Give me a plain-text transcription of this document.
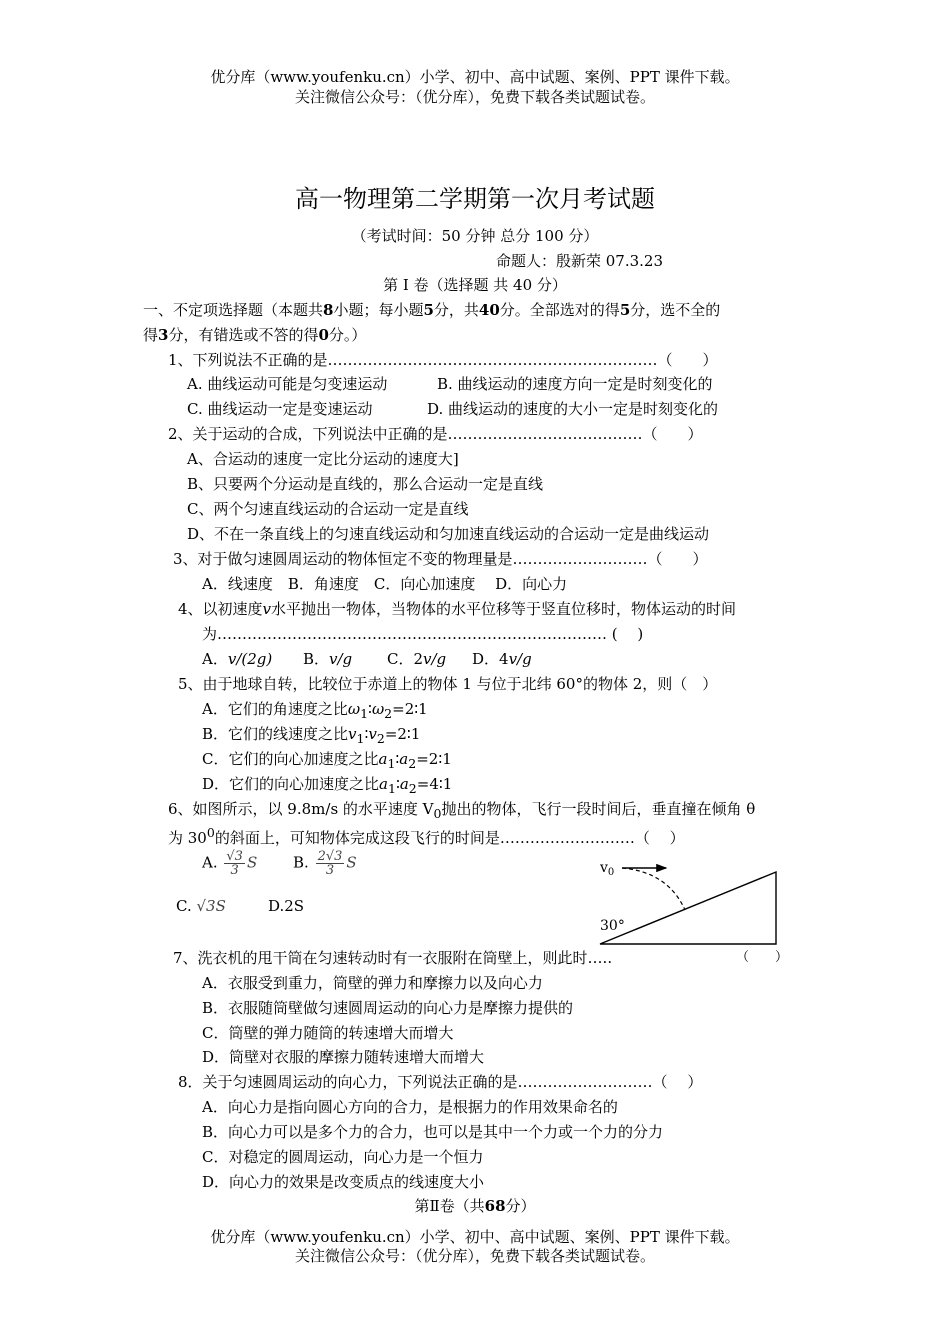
优分库（www.youfenku.cn）小学、初中、高中试题、案例、PPT 课件下载。
关注微信公众号：（优分库），免费下载各类试题试卷。
高一物理第二学期第一次月考试题
（考试时间：50 分钟 总分 100 分）
命题人：殷新荣 07.3.23
第 I 卷（选择题 共 40 分）
一、不定项选择题（本题共8小题；每小题5分，共40分。全部选对的得5分，选不全的
得3分，有错选或不答的得0分。）
1、下列说法不正确的是…………………………………………………………（　　）
A. 曲线运动可能是匀变速运动	B. 曲线运动的速度方向一定是时刻变化的
C. 曲线运动一定是变速运动	D. 曲线运动的速度的大小一定是时刻变化的
2、关于运动的合成，下列说法中正确的是…………………………………（　　）
A、合运动的速度一定比分运动的速度大]
B、只要两个分运动是直线的，那么合运动一定是直线
C、两个匀速直线运动的合运动一定是直线
D、不在一条直线上的匀速直线运动和匀加速直线运动的合运动一定是曲线运动
3、对于做匀速圆周运动的物体恒定不变的物理量是………………………（　　）
A．线速度　B．角速度　C．向心加速度　 D．向心力
4、以初速度v水平抛出一物体，当物体的水平位移等于竖直位移时，物体运动的时间
为…………………………………………………………………… (　 )
A．v/(2g) B．v/g C．2v/g D．4v/g
5、由于地球自转，比较位于赤道上的物体 1 与位于北纬 60°的物体 2，则（　）
A．它们的角速度之比$\omega_1∶\omega_2=2∶1$
B．它们的线速度之比$v_1∶v_2=2∶1$
C．它们的向心加速度之比$a_1∶a_2=2∶1$
D．它们的向心加速度之比$a_1∶a_2=4∶1$
6、如图所示，以 9.8m/s 的水平速度 $V_0$抛出的物体，飞行一段时间后，垂直撞在倾角 θ
为 $30^0$的斜面上，可知物体完成这段飞行的时间是………………………（　 ）
A. $\frac{√3}{3}$ S B. $\frac{2√3}{3}$ S
C. √3S	D.2S
$v_0$
30°
7、洗衣机的甩干筒在匀速转动时有一衣服附在筒壁上，则此时…..	（　　）
A．衣服受到重力，筒壁的弹力和摩擦力以及向心力
B．衣服随筒壁做匀速圆周运动的向心力是摩擦力提供的
C．筒壁的弹力随筒的转速增大而增大
D．筒壁对衣服的摩擦力随转速增大而增大
8．关于匀速圆周运动的向心力，下列说法正确的是………………………（　 ）
A．向心力是指向圆心方向的合力，是根据力的作用效果命名的
B．向心力可以是多个力的合力，也可以是其中一个力或一个力的分力
C．对稳定的圆周运动，向心力是一个恒力
D．向心力的效果是改变质点的线速度大小
第Ⅱ卷（共68分）
优分库（www.youfenku.cn）小学、初中、高中试题、案例、PPT 课件下载。
关注微信公众号：（优分库），免费下载各类试题试卷。
